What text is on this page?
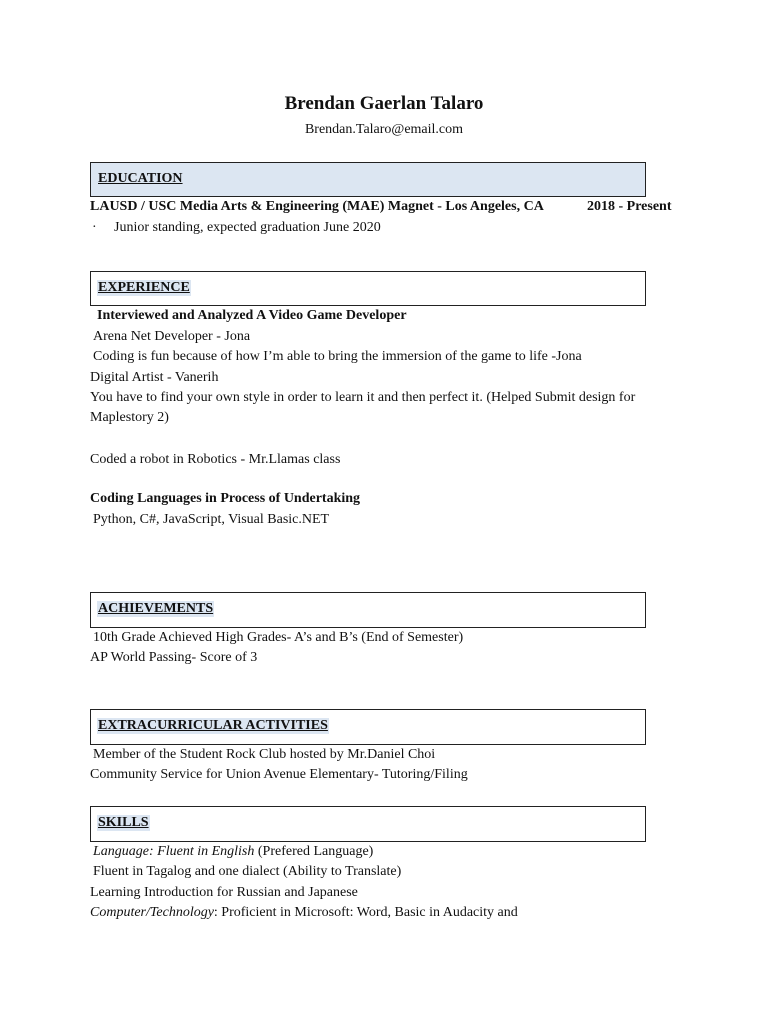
Brendan Gaerlan Talaro
Brendan.Talaro@email.com
EDUCATION
LAUSD / USC Media Arts & Engineering (MAE) Magnet - Los Angeles, CA	2018 - Present
· Junior standing, expected graduation June 2020
EXPERIENCE
Interviewed and Analyzed A Video Game Developer
Arena Net Developer - Jona
Coding is fun because of how I’m able to bring the immersion of the game to life -Jona
Digital Artist - Vanerih
You have to find your own style in order to learn it and then perfect it. (Helped Submit design for
Maplestory 2)
Coded a robot in Robotics - Mr.Llamas class
Coding Languages in Process of Undertaking
Python, C#, JavaScript, Visual Basic.NET
ACHIEVEMENTS
10th Grade Achieved High Grades- A’s and B’s (End of Semester)
AP World Passing- Score of 3
EXTRACURRICULAR ACTIVITIES
Member of the Student Rock Club hosted by Mr.Daniel Choi
Community Service for Union Avenue Elementary- Tutoring/Filing
SKILLS
Language: Fluent in English (Prefered Language)
Fluent in Tagalog and one dialect (Ability to Translate)
Learning Introduction for Russian and Japanese
Computer/Technology: Proficient in Microsoft: Word, Basic in Audacity and
